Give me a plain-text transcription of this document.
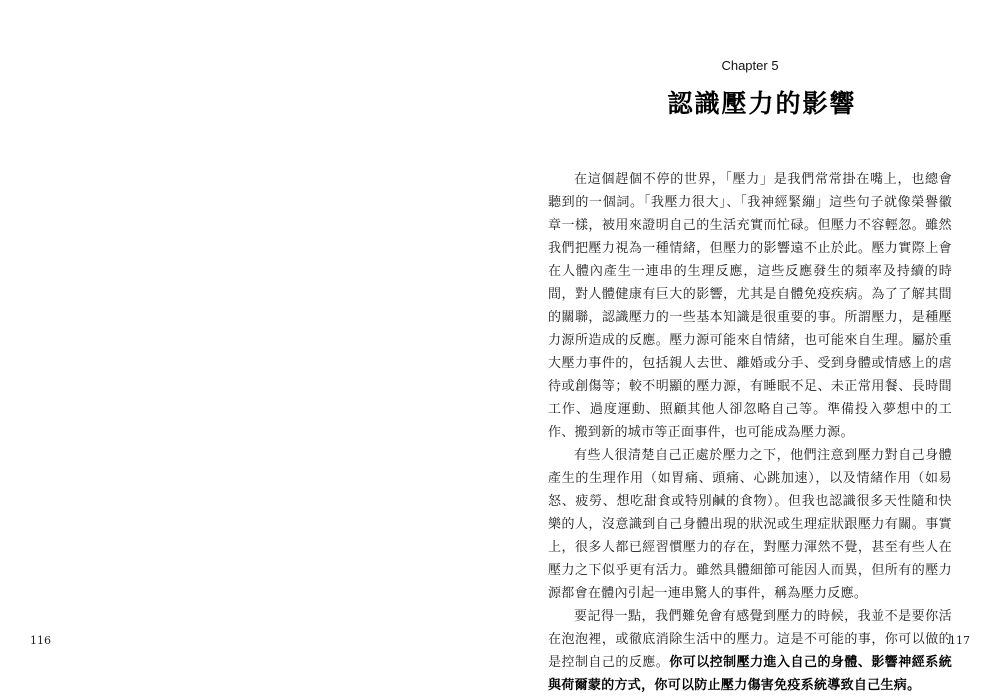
116
Chapter 5
認識壓力的影響

在這個趕個不停的世界，「壓力」是我們常常掛在嘴上，也總會聽到的一個詞。「我壓力很大」、「我神經緊繃」這些句子就像榮譽徽章一樣，被用來證明自己的生活充實而忙碌。但壓力不容輕忽。雖然我們把壓力視為一種情緒，但壓力的影響遠不止於此。壓力實際上會在人體內產生一連串的生理反應，這些反應發生的頻率及持續的時間，對人體健康有巨大的影響，尤其是自體免疫疾病。為了了解其間的關聯，認識壓力的一些基本知識是很重要的事。所謂壓力，是種壓力源所造成的反應。壓力源可能來自情緒，也可能來自生理。屬於重大壓力事件的，包括親人去世、離婚或分手、受到身體或情感上的虐待或創傷等；較不明顯的壓力源，有睡眠不足、未正常用餐、長時間工作、過度運動、照顧其他人卻忽略自己等。準備投入夢想中的工作、搬到新的城市等正面事件，也可能成為壓力源。

有些人很清楚自己正處於壓力之下，他們注意到壓力對自己身體產生的生理作用（如胃痛、頭痛、心跳加速），以及情緒作用（如易怒、疲勞、想吃甜食或特別鹹的食物）。但我也認識很多天性隨和快樂的人，沒意識到自己身體出現的狀況或生理症狀跟壓力有關。事實上，很多人都已經習慣壓力的存在，對壓力渾然不覺，甚至有些人在壓力之下似乎更有活力。雖然具體細節可能因人而異，但所有的壓力源都會在體內引起一連串驚人的事件，稱為壓力反應。

要記得一點，我們難免會有感覺到壓力的時候，我並不是要你活在泡泡裡，或徹底消除生活中的壓力。這是不可能的事，你可以做的是控制自己的反應。你可以控制壓力進入自己的身體、影響神經系統與荷爾蒙的方式，你可以防止壓力傷害免疫系統導致自己生病。

117
